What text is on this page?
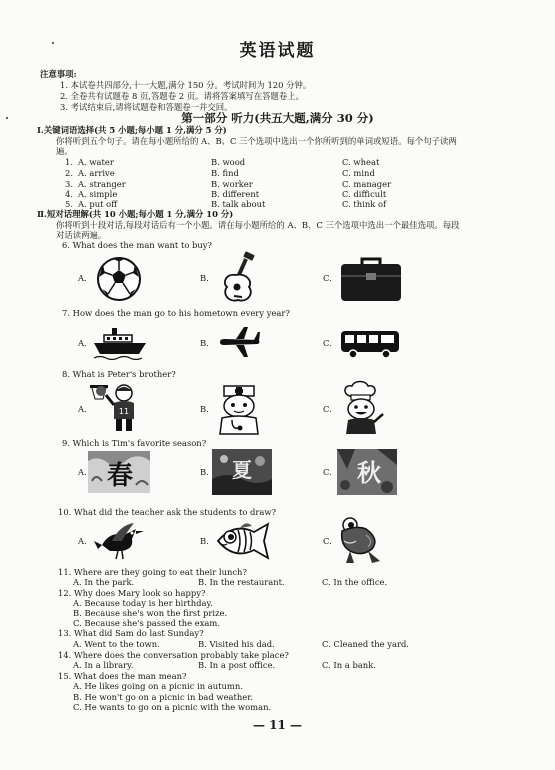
英语试题
注意事项:
1. 本试卷共四部分,十一大题,满分 150 分。考试时间为 120 分钟。
2. 全卷共有试题卷 8 页,答题卷 2 页。请将答案填写在答题卷上。
3. 考试结束后,请将试题卷和答题卷一并交回。
第一部分 听力(共五大题,满分 30 分)
Ⅰ.关键词语选择(共 5 小题;每小题 1 分,满分 5 分)
你将听到五个句子。请在每小题所给的 A、B、C 三个选项中选出一个你所听到的单词或短语。每个句子读两
遍。
1. A. water	B. wood	C. wheat
2. A. arrive	B. find	C. mind
3. A. stranger	B. worker	C. manager
4. A. simple	B. different	C. difficult
5. A. put off	B. talk about	C. think of
Ⅱ.短对话理解(共 10 小题;每小题 1 分,满分 10 分)
你将听到十段对话,每段对话后有一个小题。请在每小题所给的 A、B、C 三个选项中选出一个最佳选项。每段
对话读两遍。
6. What does the man want to buy?
A.	B.	C.
7. How does the man go to his hometown every year?
A.	B.	C.
8. What is Peter's brother?
A.	B.	C.
11
9. Which is Tim's favorite season?
A.	B.	C.
春	夏	秋
10. What did the teacher ask the students to draw?
A.	B.	C.
11. Where are they going to eat their lunch?
A. In the park.	B. In the restaurant.	C. In the office.
12. Why does Mary look so happy?
A. Because today is her birthday.
B. Because she's won the first prize.
C. Because she's passed the exam.
13. What did Sam do last Sunday?
A. Went to the town.	B. Visited his dad.	C. Cleaned the yard.
14. Where does the conversation probably take place?
A. In a library.	B. In a post office.	C. In a bank.
15. What does the man mean?
A. He likes going on a picnic in autumn.
B. He won't go on a picnic in bad weather.
C. He wants to go on a picnic with the woman.
— 11 —
